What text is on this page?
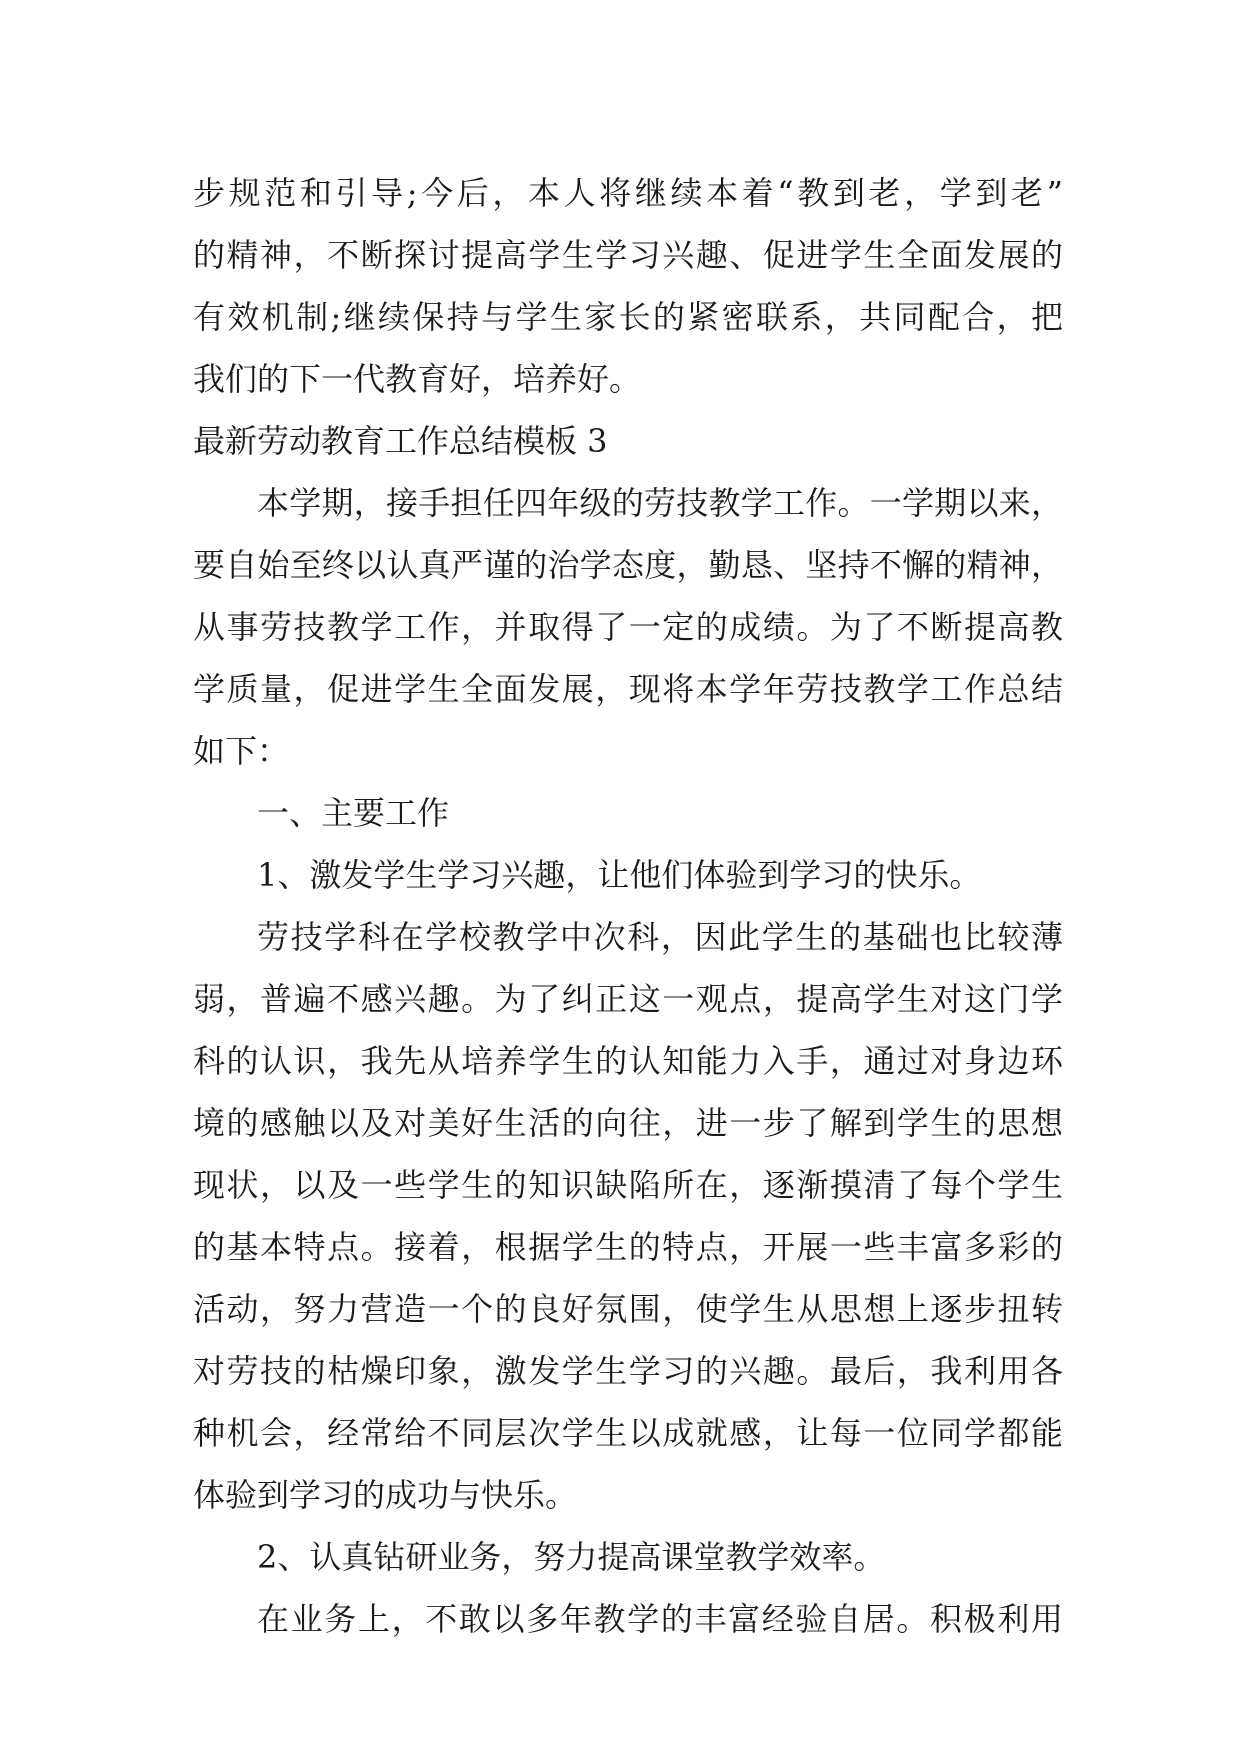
步规范和引导;今后，本人将继续本着“教到老，学到老”
的精神，不断探讨提高学生学习兴趣、促进学生全面发展的
有效机制;继续保持与学生家长的紧密联系，共同配合，把
我们的下一代教育好，培养好。
最新劳动教育工作总结模板 3
本学期，接手担任四年级的劳技教学工作。一学期以来，
要自始至终以认真严谨的治学态度，勤恳、坚持不懈的精神，
从事劳技教学工作，并取得了一定的成绩。为了不断提高教
学质量，促进学生全面发展，现将本学年劳技教学工作总结
如下：
一、主要工作
1、激发学生学习兴趣，让他们体验到学习的快乐。
劳技学科在学校教学中次科，因此学生的基础也比较薄
弱，普遍不感兴趣。为了纠正这一观点，提高学生对这门学
科的认识，我先从培养学生的认知能力入手，通过对身边环
境的感触以及对美好生活的向往，进一步了解到学生的思想
现状，以及一些学生的知识缺陷所在，逐渐摸清了每个学生
的基本特点。接着，根据学生的特点，开展一些丰富多彩的
活动，努力营造一个的良好氛围，使学生从思想上逐步扭转
对劳技的枯燥印象，激发学生学习的兴趣。最后，我利用各
种机会，经常给不同层次学生以成就感，让每一位同学都能
体验到学习的成功与快乐。
2、认真钻研业务，努力提高课堂教学效率。
在业务上，不敢以多年教学的丰富经验自居。积极利用
